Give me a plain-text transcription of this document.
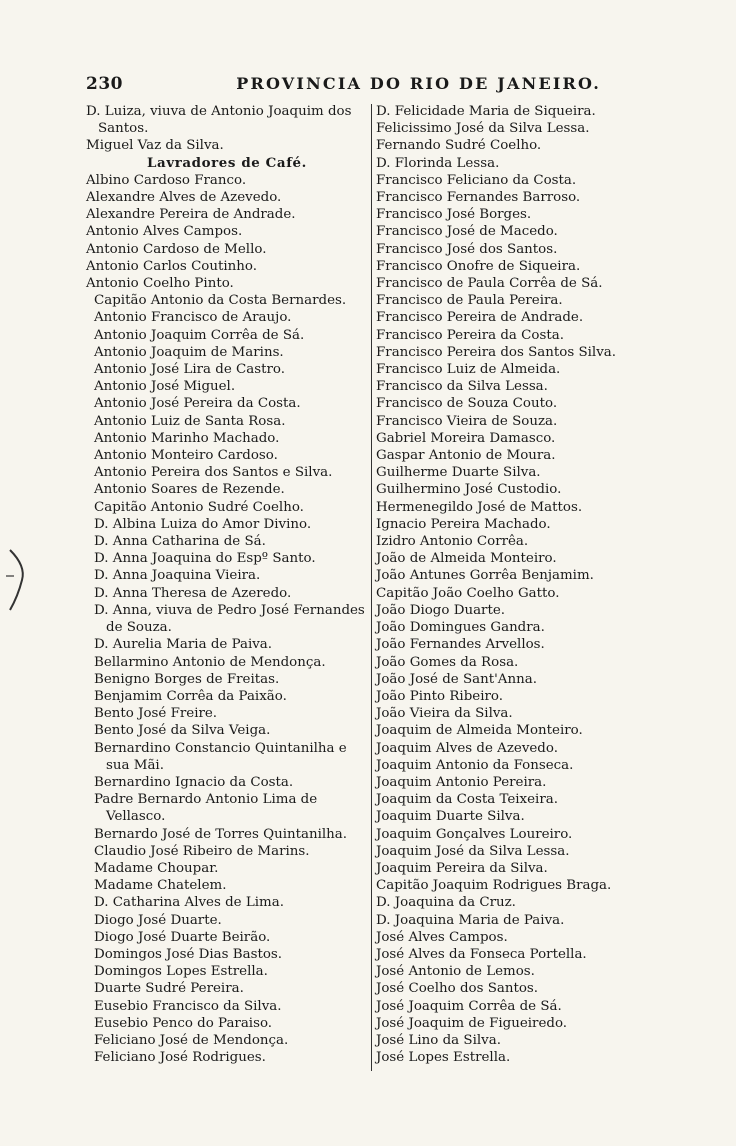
230	PROVINCIA DO RIO DE JANEIRO.
D. Luiza, viuva de Antonio Joaquim dos Santos.
Miguel Vaz da Silva.
Lavradores de Café.
Albino Cardoso Franco.
Alexandre Alves de Azevedo.
Alexandre Pereira de Andrade.
Antonio Alves Campos.
Antonio Cardoso de Mello.
Antonio Carlos Coutinho.
Antonio Coelho Pinto.
Capitão Antonio da Costa Bernardes.
Antonio Francisco de Araujo.
Antonio Joaquim Corrêa de Sá.
Antonio Joaquim de Marins.
Antonio José Lira de Castro.
Antonio José Miguel.
Antonio José Pereira da Costa.
Antonio Luiz de Santa Rosa.
Antonio Marinho Machado.
Antonio Monteiro Cardoso.
Antonio Pereira dos Santos e Silva.
Antonio Soares de Rezende.
Capitão Antonio Sudré Coelho.
D. Albina Luiza do Amor Divino.
D. Anna Catharina de Sá.
D. Anna Joaquina do Espº Santo.
D. Anna Joaquina Vieira.
D. Anna Theresa de Azeredo.
D. Anna, viuva de Pedro José Fernandes de Souza.
D. Aurelia Maria de Paiva.
Bellarmino Antonio de Mendonça.
Benigno Borges de Freitas.
Benjamim Corrêa da Paixão.
Bento José Freire.
Bento José da Silva Veiga.
Bernardino Constancio Quintanilha e sua Mãi.
Bernardino Ignacio da Costa.
Padre Bernardo Antonio Lima de Vellasco.
Bernardo José de Torres Quintanilha.
Claudio José Ribeiro de Marins.
Madame Choupar.
Madame Chatelem.
D. Catharina Alves de Lima.
Diogo José Duarte.
Diogo José Duarte Beirão.
Domingos José Dias Bastos.
Domingos Lopes Estrella.
Duarte Sudré Pereira.
Eusebio Francisco da Silva.
Eusebio Penco do Paraiso.
Feliciano José de Mendonça.
Feliciano José Rodrigues.
D. Felicidade Maria de Siqueira.
Felicissimo José da Silva Lessa.
Fernando Sudré Coelho.
D. Florinda Lessa.
Francisco Feliciano da Costa.
Francisco Fernandes Barroso.
Francisco José Borges.
Francisco José de Macedo.
Francisco José dos Santos.
Francisco Onofre de Siqueira.
Francisco de Paula Corrêa de Sá.
Francisco de Paula Pereira.
Francisco Pereira de Andrade.
Francisco Pereira da Costa.
Francisco Pereira dos Santos Silva.
Francisco Luiz de Almeida.
Francisco da Silva Lessa.
Francisco de Souza Couto.
Francisco Vieira de Souza.
Gabriel Moreira Damasco.
Gaspar Antonio de Moura.
Guilherme Duarte Silva.
Guilhermino José Custodio.
Hermenegildo José de Mattos.
Ignacio Pereira Machado.
Izidro Antonio Corrêa.
João de Almeida Monteiro.
João Antunes Gorrêa Benjamim.
Capitão João Coelho Gatto.
João Diogo Duarte.
João Domingues Gandra.
João Fernandes Arvellos.
João Gomes da Rosa.
João José de Sant'Anna.
João Pinto Ribeiro.
João Vieira da Silva.
Joaquim de Almeida Monteiro.
Joaquim Alves de Azevedo.
Joaquim Antonio da Fonseca.
Joaquim Antonio Pereira.
Joaquim da Costa Teixeira.
Joaquim Duarte Silva.
Joaquim Gonçalves Loureiro.
Joaquim José da Silva Lessa.
Joaquim Pereira da Silva.
Capitão Joaquim Rodrigues Braga.
D. Joaquina da Cruz.
D. Joaquina Maria de Paiva.
José Alves Campos.
José Alves da Fonseca Portella.
José Antonio de Lemos.
José Coelho dos Santos.
José Joaquim Corrêa de Sá.
José Joaquim de Figueiredo.
José Lino da Silva.
José Lopes Estrella.
